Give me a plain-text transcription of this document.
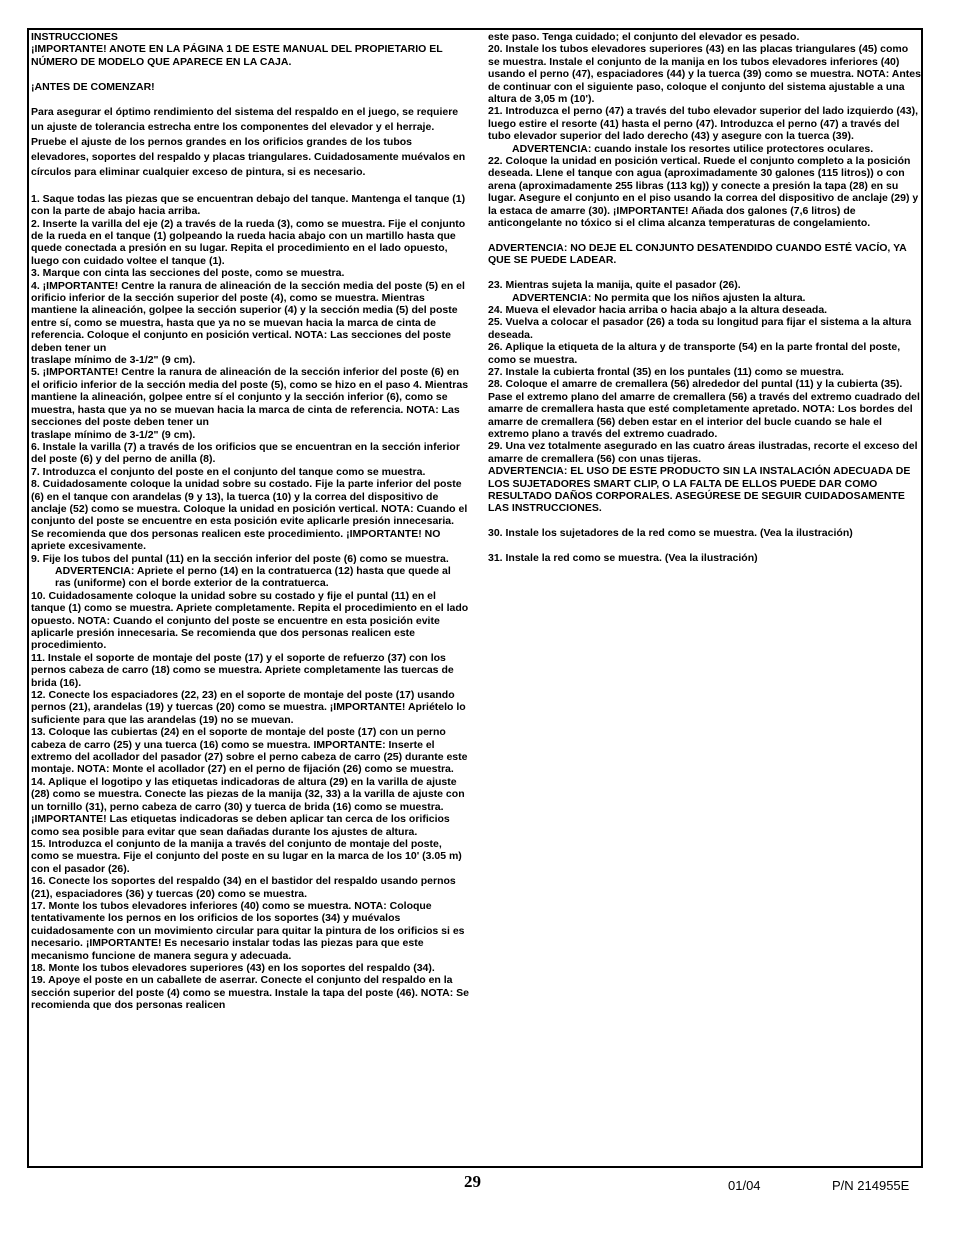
INSTRUCCIONES

¡IMPORTANTE! ANOTE EN LA PÁGINA 1 DE ESTE MANUAL DEL PROPIETARIO EL NÚMERO DE MODELO QUE APARECE EN LA CAJA.

¡ANTES DE COMENZAR!

Para asegurar el óptimo rendimiento del sistema del respaldo en el juego, se requiere un ajuste de tolerancia estrecha entre los componentes del elevador y el herraje. Pruebe el ajuste de los pernos grandes en los orificios grandes de los tubos elevadores, soportes del respaldo y placas triangulares. Cuidadosamente muévalos en círculos para eliminar cualquier exceso de pintura, si es necesario.

1. Saque todas las piezas que se encuentran debajo del tanque. Mantenga el tanque (1) con la parte de abajo hacia arriba.

2. Inserte la varilla del eje (2) a través de la rueda (3), como se muestra. Fije el conjunto de la rueda en el tanque (1) golpeando la rueda hacia abajo con un martillo hasta que quede conectada a presión en su lugar. Repita el procedimiento en el lado opuesto, luego con cuidado voltee el tanque (1).

3. Marque con cinta las secciones del poste, como se muestra.

4. ¡IMPORTANTE! Centre la ranura de alineación de la sección media del poste (5) en el orificio inferior de la sección superior del poste (4), como se muestra. Mientras mantiene la alineación, golpee la sección superior (4) y la sección media (5) del poste entre sí, como se muestra, hasta que ya no se muevan hacia la marca de cinta de referencia. Coloque el conjunto en posición vertical. NOTA: Las secciones del poste deben tener un

traslape mínimo de 3-1/2" (9 cm).

5. ¡IMPORTANTE! Centre la ranura de alineación de la sección inferior del poste (6) en el orificio inferior de la sección media del poste (5), como se hizo en el paso 4. Mientras mantiene la alineación, golpee entre sí el conjunto y la sección inferior (6), como se muestra, hasta que ya no se muevan hacia la marca de cinta de referencia. NOTA: Las secciones del poste deben tener un

traslape mínimo de 3-1/2" (9 cm).

6. Instale la varilla (7) a través de los orificios que se encuentran en la sección inferior del poste (6) y del perno de anilla (8).

7. Introduzca el conjunto del poste en el conjunto del tanque como se muestra.

8. Cuidadosamente coloque la unidad sobre su costado. Fije la parte inferior del poste (6) en el tanque con arandelas (9 y 13), la tuerca (10) y la correa del dispositivo de anclaje (52) como se muestra. Coloque la unidad en posición vertical. NOTA: Cuando el conjunto del poste se encuentre en esta posición evite aplicarle presión innecesaria. Se recomienda que dos personas realicen este procedimiento. ¡IMPORTANTE! NO apriete excesivamente.

9. Fije los tubos del puntal (11) en la sección inferior del poste (6) como se muestra.

ADVERTENCIA: Apriete el perno (14) en la contratuerca (12) hasta que quede al ras (uniforme) con el borde exterior de la contratuerca.

10. Cuidadosamente coloque la unidad sobre su costado y fije el puntal (11) en el tanque (1) como se muestra. Apriete completamente. Repita el procedimiento en el lado opuesto. NOTA: Cuando el conjunto del poste se encuentre en esta posición evite aplicarle presión innecesaria. Se recomienda que dos personas realicen este procedimiento.

11. Instale el soporte de montaje del poste (17) y el soporte de refuerzo (37) con los pernos cabeza de carro (18) como se muestra. Apriete completamente las tuercas de brida (16).

12. Conecte los espaciadores (22, 23) en el soporte de montaje del poste (17) usando pernos (21), arandelas (19) y tuercas (20) como se muestra. ¡IMPORTANTE! Apriételo lo suficiente para que las arandelas (19) no se muevan.

13. Coloque las cubiertas (24) en el soporte de montaje del poste (17) con un perno cabeza de carro (25) y una tuerca (16) como se muestra. IMPORTANTE: Inserte el extremo del acollador del pasador (27) sobre el perno cabeza de carro (25) durante este montaje. NOTA: Monte el acollador (27) en el perno de fijación (26) como se muestra.

14. Aplique el logotipo y las etiquetas indicadoras de altura (29) en la varilla de ajuste (28) como se muestra. Conecte las piezas de la manija (32, 33) a la varilla de ajuste con un tornillo (31), perno cabeza de carro (30) y tuerca de brida (16) como se muestra. ¡IMPORTANTE! Las etiquetas indicadoras se deben aplicar tan cerca de los orificios como sea posible para evitar que sean dañadas durante los ajustes de altura.

15. Introduzca el conjunto de la manija a través del conjunto de montaje del poste, como se muestra. Fije el conjunto del poste en su lugar en la marca de los 10' (3.05 m) con el pasador (26).

16. Conecte los soportes del respaldo (34) en el bastidor del respaldo usando pernos (21), espaciadores (36) y tuercas (20) como se muestra.

17. Monte los tubos elevadores inferiores (40) como se muestra. NOTA: Coloque tentativamente los pernos en los orificios de los soportes (34) y muévalos cuidadosamente con un movimiento circular para quitar la pintura de los orificios si es necesario. ¡IMPORTANTE! Es necesario instalar todas las piezas para que este mecanismo funcione de manera segura y adecuada.

18. Monte los tubos elevadores superiores (43) en los soportes del respaldo (34).

19. Apoye el poste en un caballete de aserrar. Conecte el conjunto del respaldo en la sección superior del poste (4) como se muestra. Instale la tapa del poste (46). NOTA: Se recomienda que dos personas realicen

este paso. Tenga cuidado; el conjunto del elevador es pesado.

20. Instale los tubos elevadores superiores (43) en las placas triangulares (45) como se muestra. Instale el conjunto de la manija en los tubos elevadores inferiores (40) usando el perno (47), espaciadores (44) y la tuerca (39) como se muestra. NOTA: Antes de continuar con el siguiente paso, coloque el conjunto del sistema ajustable a una altura de 3,05 m (10').

21. Introduzca el perno (47) a través del tubo elevador superior del lado izquierdo (43), luego estire el resorte (41) hasta el perno (47). Introduzca el perno (47) a través del tubo elevador superior del lado derecho (43) y asegure con la tuerca (39).

ADVERTENCIA: cuando instale los resortes utilice protectores oculares.

22. Coloque la unidad en posición vertical. Ruede el conjunto completo a la posición deseada. Llene el tanque con agua (aproximadamente 30 galones (115 litros)) o con arena (aproximadamente 255 libras (113 kg)) y conecte a presión la tapa (28) en su lugar. Asegure el conjunto en el piso usando la correa del dispositivo de anclaje (29) y la estaca de amarre (30). ¡IMPORTANTE! Añada dos galones (7,6 litros) de anticongelante no tóxico si el clima alcanza temperaturas de congelamiento.

ADVERTENCIA: NO DEJE EL CONJUNTO DESATENDIDO CUANDO ESTÉ VACÍO, YA QUE SE PUEDE LADEAR.

23. Mientras sujeta la manija, quite el pasador (26).

ADVERTENCIA: No permita que los niños ajusten la altura.

24. Mueva el elevador hacia arriba o hacia abajo a la altura deseada.

25. Vuelva a colocar el pasador (26) a toda su longitud para fijar el sistema a la altura deseada.

26. Aplique la etiqueta de la altura y de transporte (54) en la parte frontal del poste, como se muestra.

27. Instale la cubierta frontal (35) en los puntales (11) como se muestra.

28. Coloque el amarre de cremallera (56) alrededor del puntal (11) y la cubierta (35). Pase el extremo plano del amarre de cremallera (56) a través del extremo cuadrado del amarre de cremallera hasta que esté completamente apretado. NOTA: Los bordes del amarre de cremallera (56) deben estar en el interior del bucle cuando se hale el extremo plano a través del extremo cuadrado.

29. Una vez totalmente asegurado en las cuatro áreas ilustradas, recorte el exceso del amarre de cremallera (56) con unas tijeras.

ADVERTENCIA: EL USO DE ESTE PRODUCTO SIN LA INSTALACIÓN ADECUADA DE LOS SUJETADORES SMART CLIP, O LA FALTA DE ELLOS PUEDE DAR COMO RESULTADO DAÑOS CORPORALES. ASEGÚRESE DE SEGUIR CUIDADOSAMENTE LAS INSTRUCCIONES.

30. Instale los sujetadores de la red como se muestra. (Vea la ilustración)

31. Instale la red como se muestra. (Vea la ilustración)

29	01/04	P/N 214955E
